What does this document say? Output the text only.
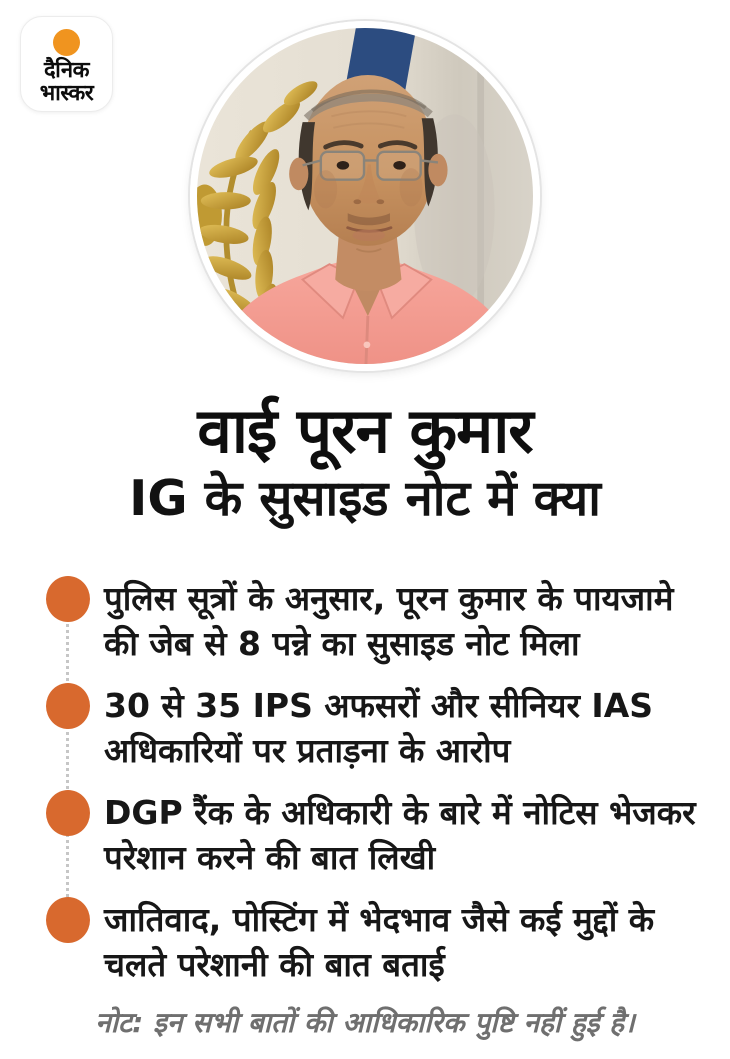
दैनिक
भास्कर
वाई पूरन कुमार
IG के सुसाइड नोट में क्या

पुलिस सूत्रों के अनुसार, पूरन कुमार के पायजामे की जेब से 8 पन्ने का सुसाइड नोट मिला

30 से 35 IPS अफसरों और सीनियर IAS अधिकारियों पर प्रताड़ना के आरोप

DGP रैंक के अधिकारी के बारे में नोटिस भेजकर परेशान करने की बात लिखी

जातिवाद, पोस्टिंग में भेदभाव जैसे कई मुद्दों के चलते परेशानी की बात बताई

नोट: इन सभी बातों की आधिकारिक पुष्टि नहीं हुई है।
